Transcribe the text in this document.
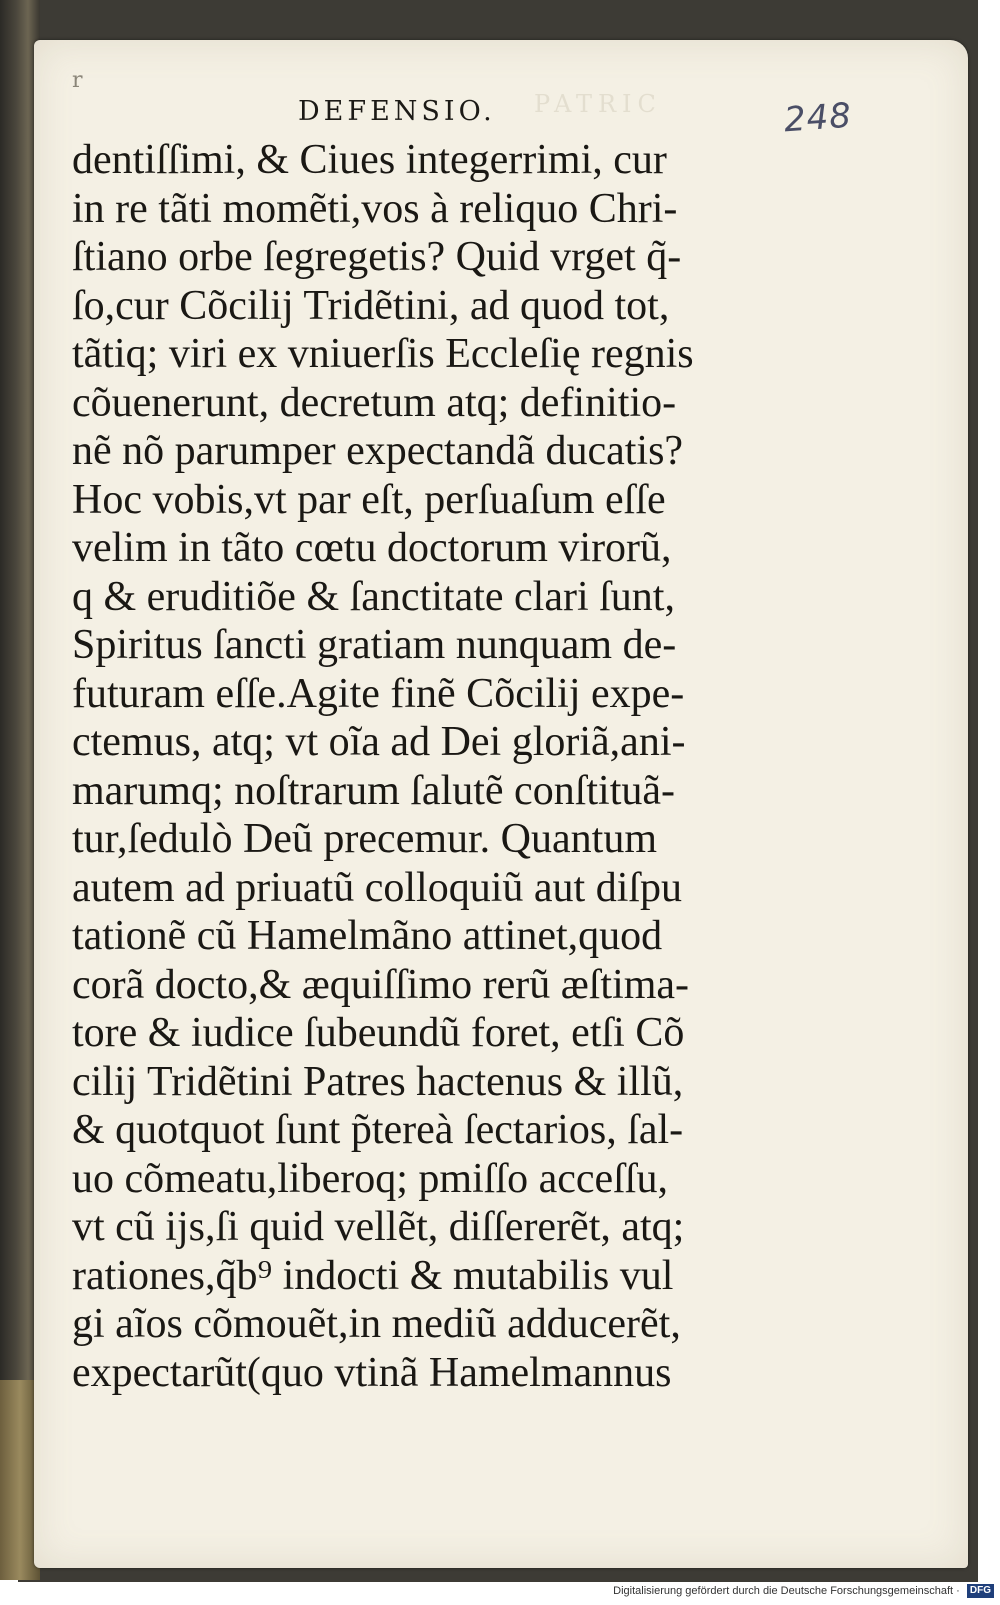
r
PATRIC
DEFENSIO.	248
dentiſſimi, & Ciues integerrimi, cur
in re tãti momẽti,vos à reliquo Chri-
ſtiano orbe ſegregetis? Quid vrget q̃-
ſo,cur Cõcilij Tridẽtini, ad quod tot,
tãtiq; viri ex vniuerſis Eccleſię regnis
cõuenerunt, decretum atq; definitio-
nẽ nõ parumper expectandã ducatis?
Hoc vobis,vt par eſt, perſuaſum eſſe
velim in tãto cœtu doctorum virorũ,
q & eruditiõe & ſanctitate clari ſunt,
Spiritus ſancti gratiam nunquam de-
futuram eſſe.Agite finẽ Cõcilij expe-
ctemus, atq; vt oĩa ad Dei gloriã,ani-
marumq; noſtrarum ſalutẽ conſtituã-
tur,ſedulò Deũ precemur. Quantum
autem ad priuatũ colloquiũ aut diſpu
tationẽ cũ Hamelmãno attinet,quod
corã docto,& æquiſſimo rerũ æſtima-
tore & iudice ſubeundũ foret, etſi Cõ
cilij Tridẽtini Patres hactenus & illũ,
& quotquot ſunt p̃tereà ſectarios, ſal-
uo cõmeatu,liberoq; pmiſſo acceſſu,
vt cũ ijs,ſi quid vellẽt, diſſererẽt, atq;
rationes,q̃b⁹ indocti & mutabilis vul
gi aĩos cõmouẽt,in mediũ adducerẽt,
expectarũt(quo vtinã Hamelmannus
Digitalisierung gefördert durch die Deutsche Forschungsgemeinschaft · DFG
